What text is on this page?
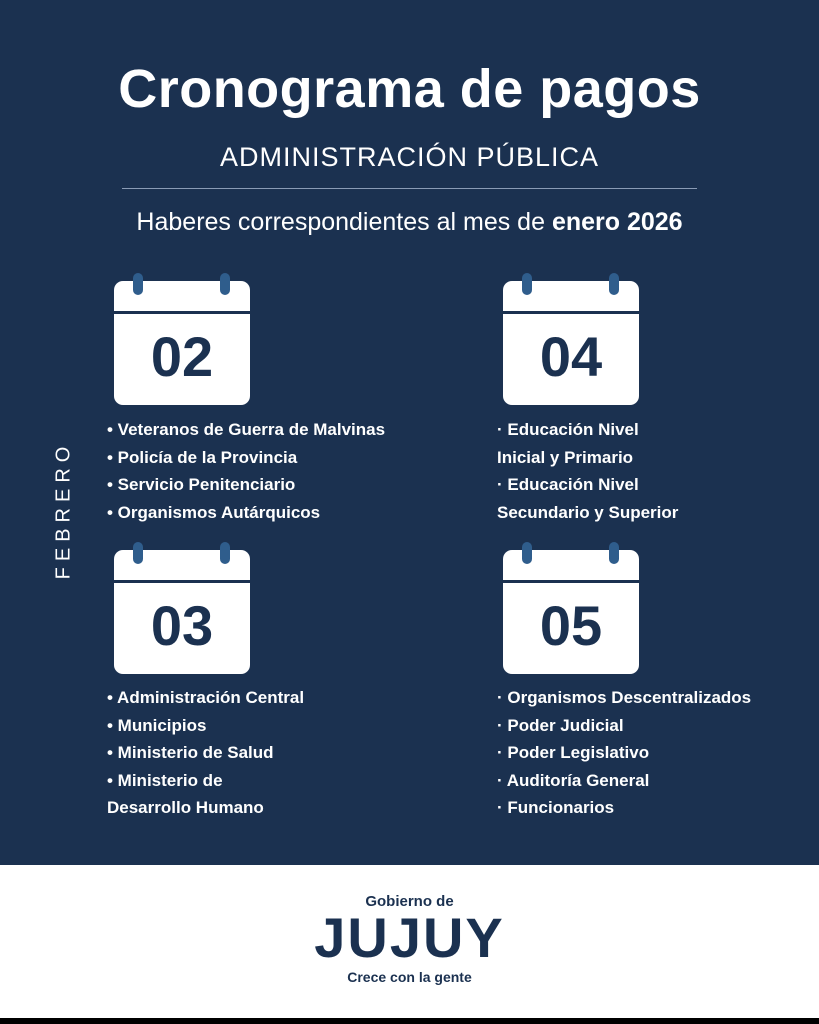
Cronograma de pagos
ADMINISTRACIÓN PÚBLICA
Haberes correspondientes al mes de enero 2026
FEBRERO
02
• Veteranos de Guerra de Malvinas
• Policía de la Provincia
• Servicio Penitenciario
• Organismos Autárquicos
04
· Educación Nivel
Inicial y Primario
· Educación Nivel
Secundario y Superior
03
• Administración Central
• Municipios
• Ministerio de Salud
• Ministerio de
Desarrollo Humano
05
· Organismos Descentralizados
· Poder Judicial
· Poder Legislativo
· Auditoría General
· Funcionarios
Gobierno de
JUJUY
Crece con la gente
